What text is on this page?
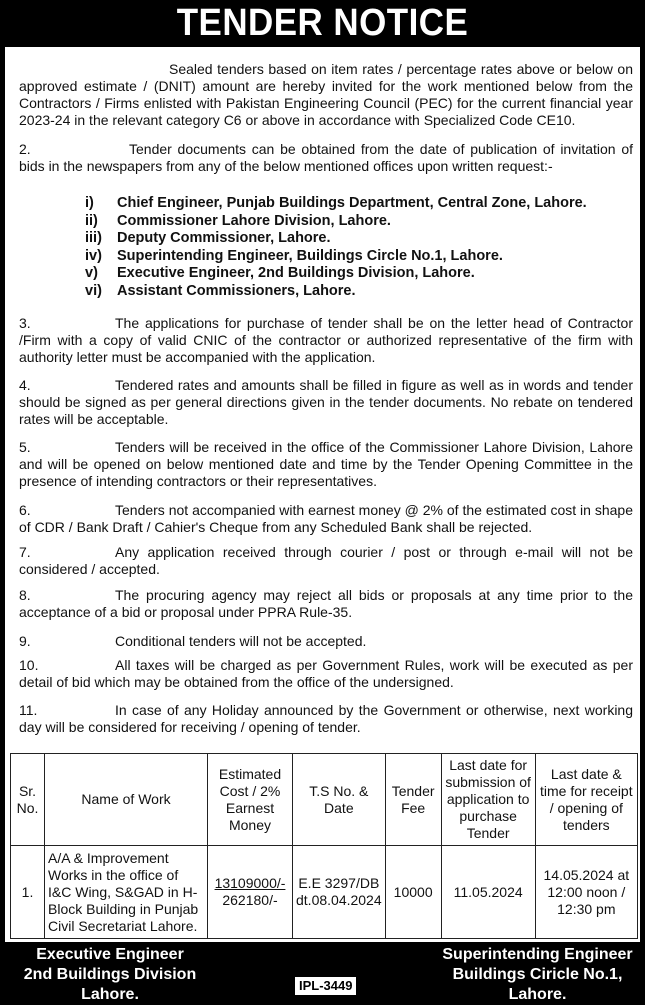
TENDER NOTICE
Sealed tenders based on item rates / percentage rates above or below on approved estimate / (DNIT) amount are hereby invited for the work mentioned below from the Contractors / Firms enlisted with Pakistan Engineering Council (PEC) for the current financial year 2023-24 in the relevant category C6 or above in accordance with Specialized Code CE10.
2.	Tender documents can be obtained from the date of publication of invitation of bids in the newspapers from any of the below mentioned offices upon written request:-
i) Chief Engineer, Punjab Buildings Department, Central Zone, Lahore.
ii) Commissioner Lahore Division, Lahore.
iii) Deputy Commissioner, Lahore.
iv) Superintending Engineer, Buildings Circle No.1, Lahore.
v) Executive Engineer, 2nd Buildings Division, Lahore.
vi) Assistant Commissioners, Lahore.
3.	The applications for purchase of tender shall be on the letter head of Contractor /Firm with a copy of valid CNIC of the contractor or authorized representative of the firm with authority letter must be accompanied with the application.
4.	Tendered rates and amounts shall be filled in figure as well as in words and tender should be signed as per general directions given in the tender documents. No rebate on tendered rates will be acceptable.
5.	Tenders will be received in the office of the Commissioner Lahore Division, Lahore and will be opened on below mentioned date and time by the Tender Opening Committee in the presence of intending contractors or their representatives.
6.	Tenders not accompanied with earnest money @ 2% of the estimated cost in shape of CDR / Bank Draft / Cahier's Cheque from any Scheduled Bank shall be rejected.
7.	Any application received through courier / post or through e-mail will not be considered / accepted.
8.	The procuring agency may reject all bids or proposals at any time prior to the acceptance of a bid or proposal under PPRA Rule-35.
9.	Conditional tenders will not be accepted.
10.	All taxes will be charged as per Government Rules, work will be executed as per detail of bid which may be obtained from the office of the undersigned.
11.	In case of any Holiday announced by the Government or otherwise, next working day will be considered for receiving / opening of tender.
Sr. No.	Name of Work	Estimated Cost / 2% Earnest Money	T.S No. & Date	Tender Fee	Last date for submission of application to purchase Tender	Last date & time for receipt / opening of tenders
1.	A/A & Improvement Works in the office of I&C Wing, S&GAD in H-Block Building in Punjab Civil Secretariat Lahore.	13109000/-
262180/-	E.E 3297/DB dt.08.04.2024	10000	11.05.2024	14.05.2024 at 12:00 noon / 12:30 pm
Executive Engineer
2nd Buildings Division
Lahore.
IPL-3449
Superintending Engineer
Buildings Ciricle No.1,
Lahore.
